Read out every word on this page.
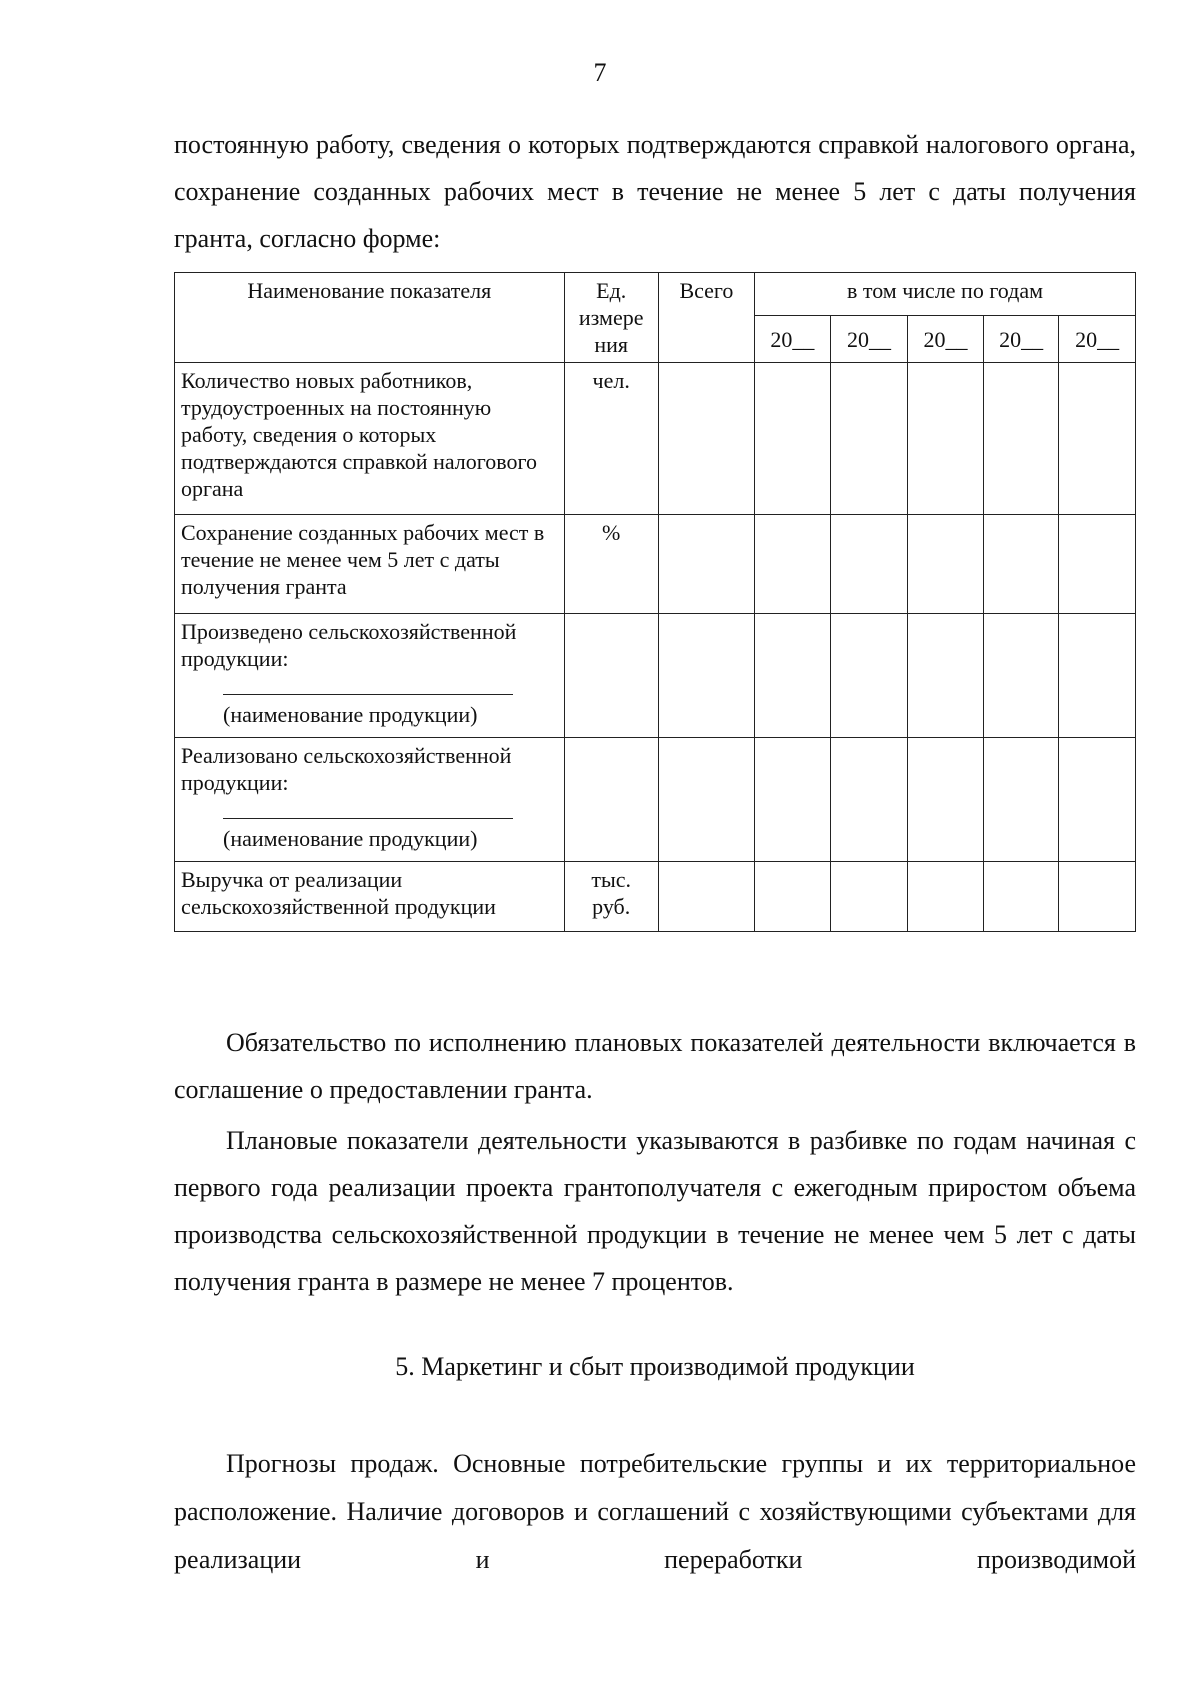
7

постоянную работу, сведения о которых подтверждаются справкой налогового органа, сохранение созданных рабочих мест в течение не менее 5 лет с даты получения гранта, согласно форме:

Наименование показателя	Ед. измере ния	Всего	в том числе по годам				
			20__	20__	20__	20__	20__
Количество новых работников, трудоустроенных на постоянную работу, сведения о которых подтверждаются справкой налогового органа	чел.						
Сохранение созданных рабочих мест в течение не менее чем 5 лет с даты получения гранта	%						
Произведено сельскохозяйственной продукции:
(наименование продукции)							

Реализовано сельскохозяйственной продукции:
(наименование продукции)							

Выручка от реализации сельскохозяйственной продукции	тыс. руб.						

Обязательство по исполнению плановых показателей деятельности включается в соглашение о предоставлении гранта.

Плановые показатели деятельности указываются в разбивке по годам начиная с первого года реализации проекта грантополучателя с ежегодным приростом объема производства сельскохозяйственной продукции в течение не менее чем 5 лет с даты получения гранта в размере не менее 7 процентов.

5. Маркетинг и сбыт производимой продукции

Прогнозы продаж. Основные потребительские группы и их территориальное расположение. Наличие договоров и соглашений с хозяйствующими субъектами для реализации и переработки производимой
